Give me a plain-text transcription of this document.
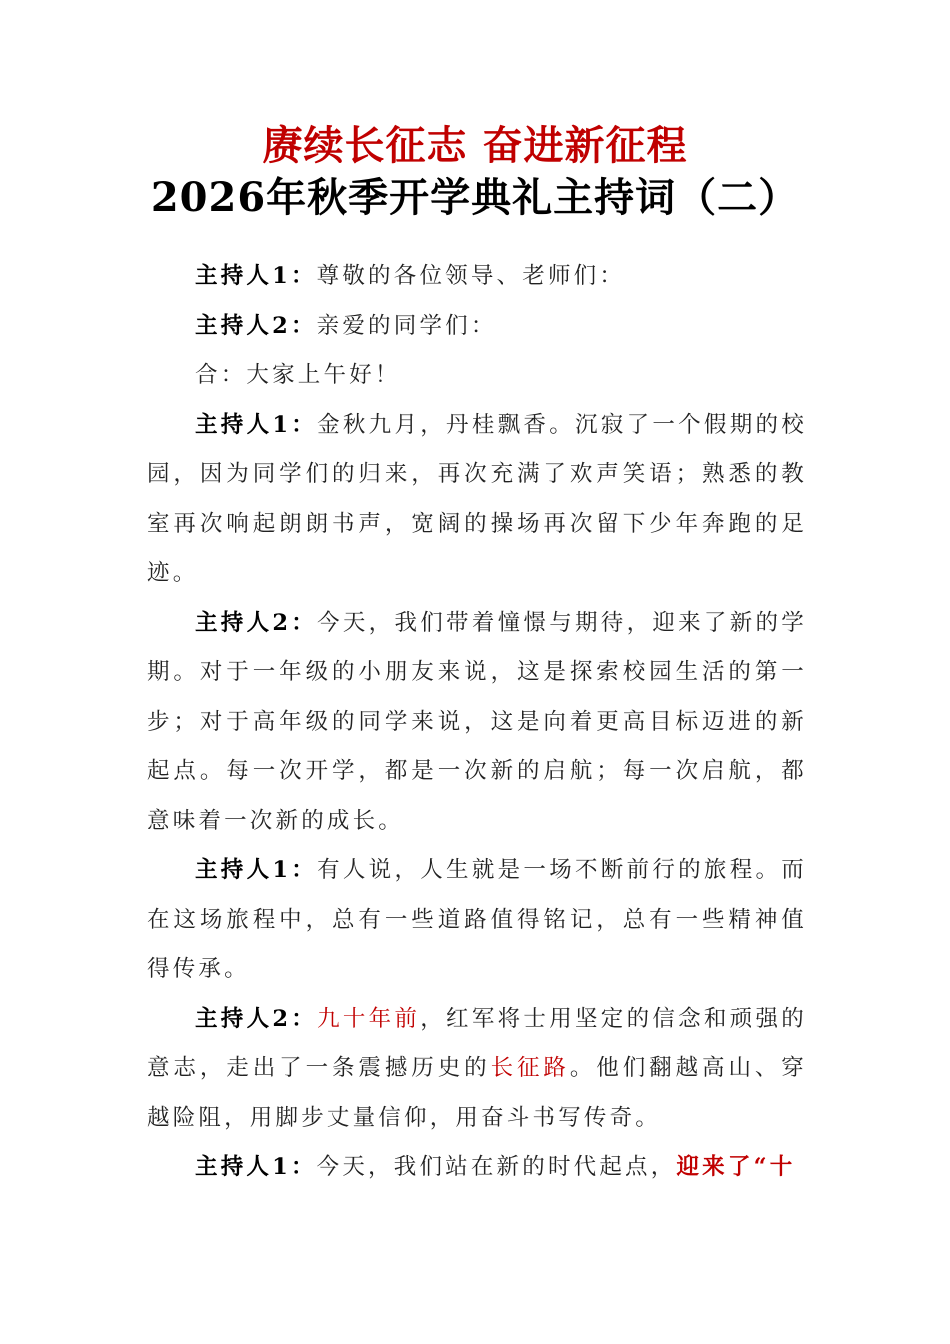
赓续长征志 奋进新征程
2026年秋季开学典礼主持词（二）

主持人1：尊敬的各位领导、老师们：

主持人2：亲爱的同学们：

合：大家上午好！

主持人1：金秋九月，丹桂飘香。沉寂了一个假期的校园，因为同学们的归来，再次充满了欢声笑语；熟悉的教室再次响起朗朗书声，宽阔的操场再次留下少年奔跑的足迹。

主持人2：今天，我们带着憧憬与期待，迎来了新的学期。对于一年级的小朋友来说，这是探索校园生活的第一步；对于高年级的同学来说，这是向着更高目标迈进的新起点。每一次开学，都是一次新的启航；每一次启航，都意味着一次新的成长。

主持人1：有人说，人生就是一场不断前行的旅程。而在这场旅程中，总有一些道路值得铭记，总有一些精神值得传承。

主持人2：九十年前，红军将士用坚定的信念和顽强的意志，走出了一条震撼历史的长征路。他们翻越高山、穿越险阻，用脚步丈量信仰，用奋斗书写传奇。

主持人1：今天，我们站在新的时代起点，迎来了“十
